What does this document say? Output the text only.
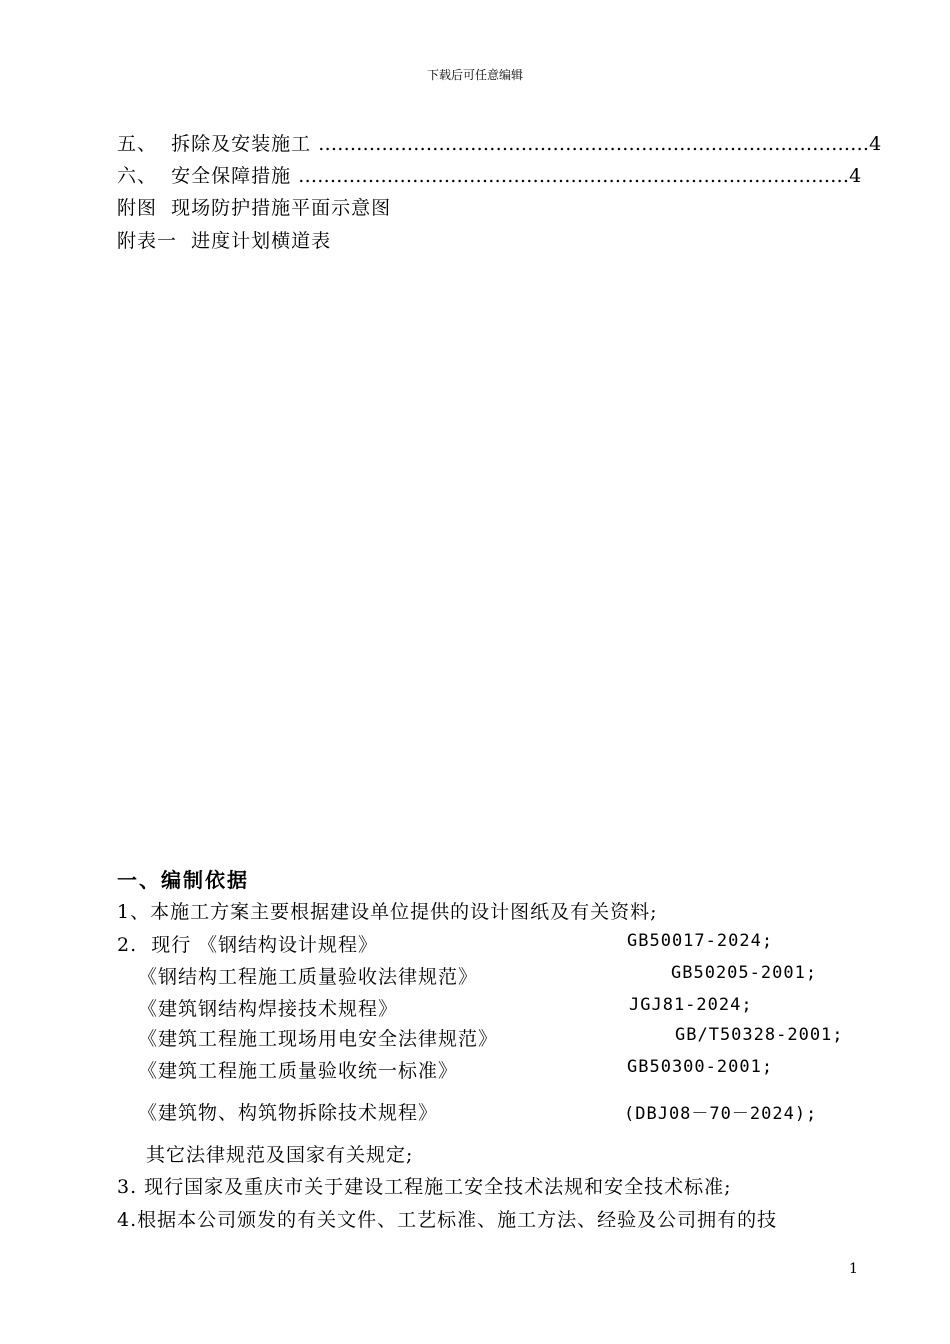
下载后可任意编辑
五、  拆除及安装施工 ……………………………………………………………………………4
六、  安全保障措施 ……………………………………………………………………………4
附图  现场防护措施平面示意图
附表一  进度计划横道表
一、编制依据
1、本施工方案主要根据建设单位提供的设计图纸及有关资料;
2.  现行 《钢结构设计规程》	GB50017-2024;
《钢结构工程施工质量验收法律规范》	GB50205-2001;
《建筑钢结构焊接技术规程》	JGJ81-2024;
《建筑工程施工现场用电安全法律规范》	GB/T50328-2001;
《建筑工程施工质量验收统一标准》	GB50300-2001;
《建筑物、构筑物拆除技术规程》	(DBJ08－70－2024);
其它法律规范及国家有关规定;
3. 现行国家及重庆市关于建设工程施工安全技术法规和安全技术标准;
4.根据本公司颁发的有关文件、工艺标准、施工方法、经验及公司拥有的技
1
